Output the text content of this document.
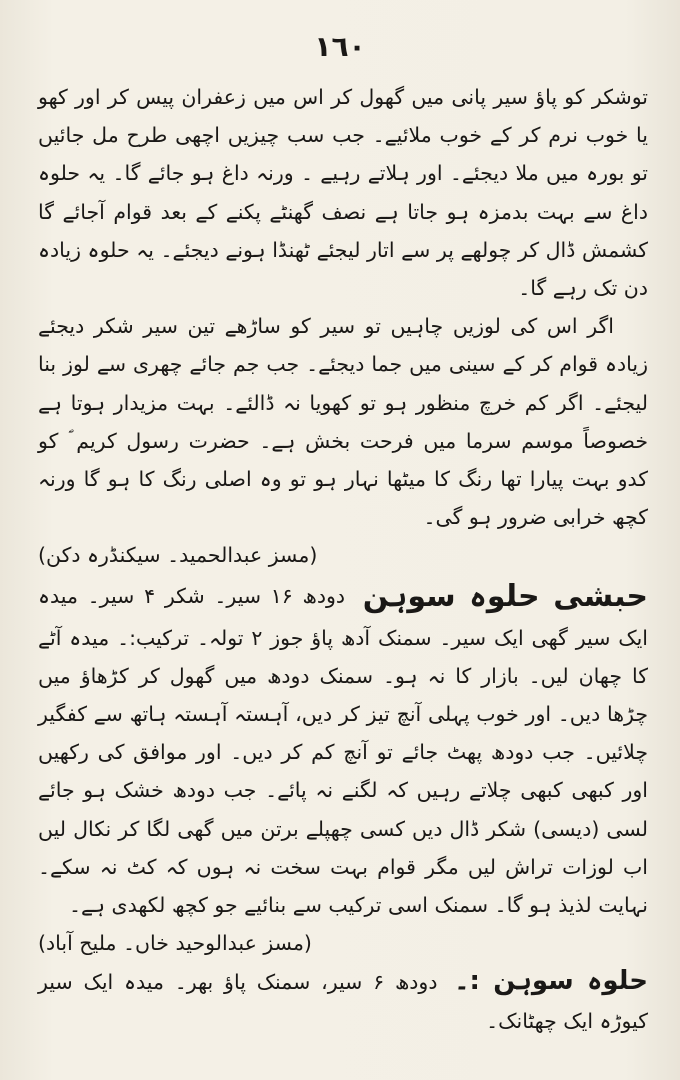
١٦٠

توشکر کو پاؤ سیر پانی میں گھول کر اس میں زعفران پیس کر اور کھو یا خوب نرم کر کے خوب ملائیے۔ جب سب چیزیں اچھی طرح مل جائیں تو بورہ میں ملا دیجئے۔ اور ہلاتے رہیے ۔ ورنہ داغ ہو جائے گا۔ یہ حلوہ داغ سے بہت بدمزہ ہو جاتا ہے نصف گھنٹے پکنے کے بعد قوام آجائے گا کشمش ڈال کر چولھے پر سے اتار لیجئے ٹھنڈا ہونے دیجئے۔ یہ حلوہ زیادہ دن تک رہے گا۔

اگر اس کی لوزیں چاہیں تو سیر کو ساڑھے تین سیر شکر دیجئے زیادہ قوام کر کے سینی میں جما دیجئے۔ جب جم جائے چھری سے لوز بنا لیجئے۔ اگر کم خرچ منظور ہو تو کھویا نہ ڈالئے۔ بہت مزیدار ہوتا ہے خصوصاً موسم سرما میں فرحت بخش ہے۔ حضرت رسول کریم ؐ کو کدو بہت پیارا تھا رنگ کا میٹھا نہار ہو تو وہ اصلی رنگ کا ہو گا ورنہ کچھ خرابی ضرور ہو گی۔
(مسز عبدالحمید۔ سیکنڈرہ دکن)

حبشی حلوہ سوہن دودھ ۱۶ سیر۔ شکر ۴ سیر۔ میدہ ایک سیر گھی ایک سیر۔ سمنک آدھ پاؤ جوز ۲ تولہ۔ ترکیب:۔ میدہ آٹے کا چھان لیں۔ بازار کا نہ ہو۔ سمنک دودھ میں گھول کر کڑھاؤ میں چڑھا دیں۔ اور خوب پہلی آنچ تیز کر دیں، آہستہ آہستہ ہاتھ سے کفگیر چلائیں۔ جب دودھ پھٹ جائے تو آنچ کم کر دیں۔ اور موافق کی رکھیں اور کبھی کبھی چلاتے رہیں کہ لگنے نہ پائے۔ جب دودھ خشک ہو جائے لسی (دیسی) شکر ڈال دیں کسی چھپلے برتن میں گھی لگا کر نکال لیں اب لوزات تراش لیں مگر قوام بہت سخت نہ ہوں کہ کٹ نہ سکے۔ نہایت لذیذ ہو گا۔ سمنک اسی ترکیب سے بنائیے جو کچھ لکھدی ہے۔
(مسز عبدالوحید خاں۔ ملیح آباد)

حلوہ سوہن :۔ دودھ ۶ سیر، سمنک پاؤ بھر۔ میدہ ایک سیر کیوڑہ ایک چھٹانک۔
